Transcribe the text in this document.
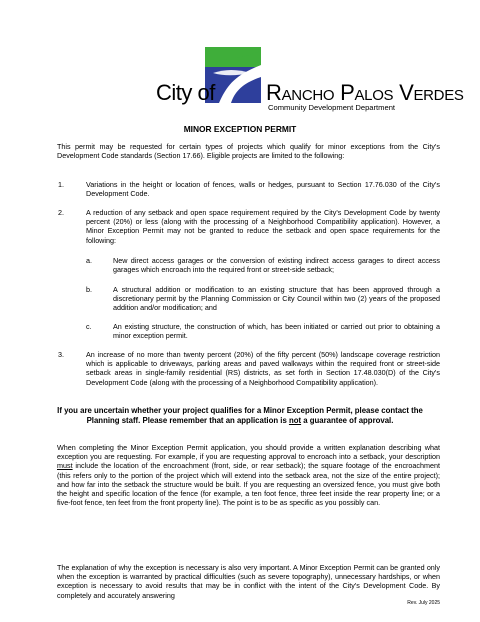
City of Rancho Palos Verdes
Community Development Department
MINOR EXCEPTION PERMIT
This permit may be requested for certain types of projects which qualify for minor exceptions from the City's Development Code standards (Section 17.66). Eligible projects are limited to the following:
1.	Variations in the height or location of fences, walls or hedges, pursuant to Section 17.76.030 of the City's Development Code.
2.	A reduction of any setback and open space requirement required by the City's Development Code by twenty percent (20%) or less (along with the processing of a Neighborhood Compatibility application). However, a Minor Exception Permit may not be granted to reduce the setback and open space requirements for the following:
a.	New direct access garages or the conversion of existing indirect access garages to direct access garages which encroach into the required front or street-side setback;
b.	A structural addition or modification to an existing structure that has been approved through a discretionary permit by the Planning Commission or City Council within two (2) years of the proposed addition and/or modification; and
c.	An existing structure, the construction of which, has been initiated or carried out prior to obtaining a minor exception permit.
3.	An increase of no more than twenty percent (20%) of the fifty percent (50%) landscape coverage restriction which is applicable to driveways, parking areas and paved walkways within the required front or street-side setback areas in single-family residential (RS) districts, as set forth in Section 17.48.030(D) of the City's Development Code (along with the processing of a Neighborhood Compatibility application).
If you are uncertain whether your project qualifies for a Minor Exception Permit, please contact the Planning staff. Please remember that an application is not a guarantee of approval.
When completing the Minor Exception Permit application, you should provide a written explanation describing what exception you are requesting. For example, if you are requesting approval to encroach into a setback, your description must include the location of the encroachment (front, side, or rear setback); the square footage of the encroachment (this refers only to the portion of the project which will extend into the setback area, not the size of the entire project); and how far into the setback the structure would be built. If you are requesting an oversized fence, you must give both the height and specific location of the fence (for example, a ten foot fence, three feet inside the rear property line; or a five-foot fence, ten feet from the front property line). The point is to be as specific as you possibly can.
The explanation of why the exception is necessary is also very important. A Minor Exception Permit can be granted only when the exception is warranted by practical difficulties (such as severe topography), unnecessary hardships, or when exception is necessary to avoid results that may be in conflict with the intent of the City's Development Code. By completely and accurately answering
Rev. July 2025
